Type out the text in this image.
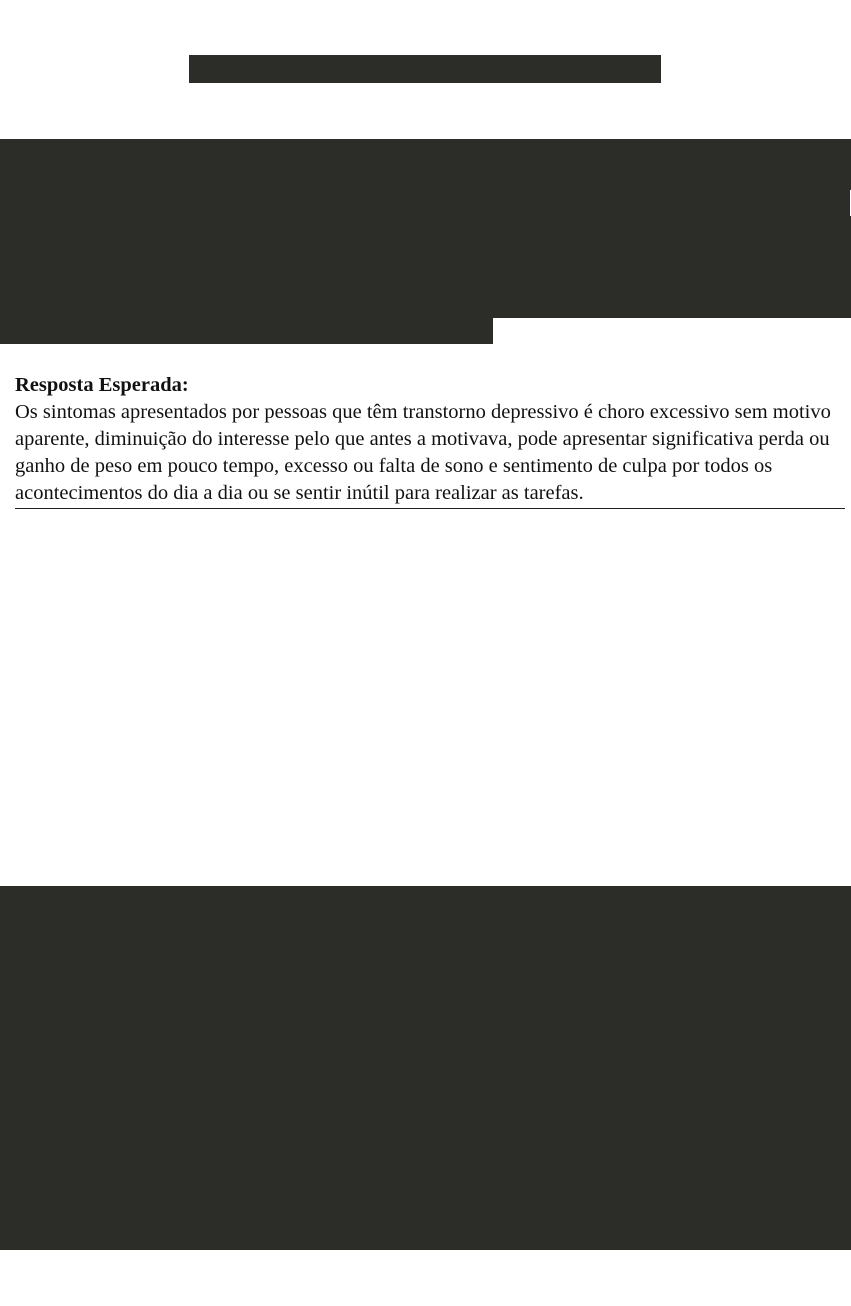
Resposta Esperada:

Os sintomas apresentados por pessoas que têm transtorno depressivo é choro excessivo sem motivo aparente, diminuição do interesse pelo que antes a motivava, pode apresentar significativa perda ou ganho de peso em pouco tempo, excesso ou falta de sono e sentimento de culpa por todos os acontecimentos do dia a dia ou se sentir inútil para realizar as tarefas.
